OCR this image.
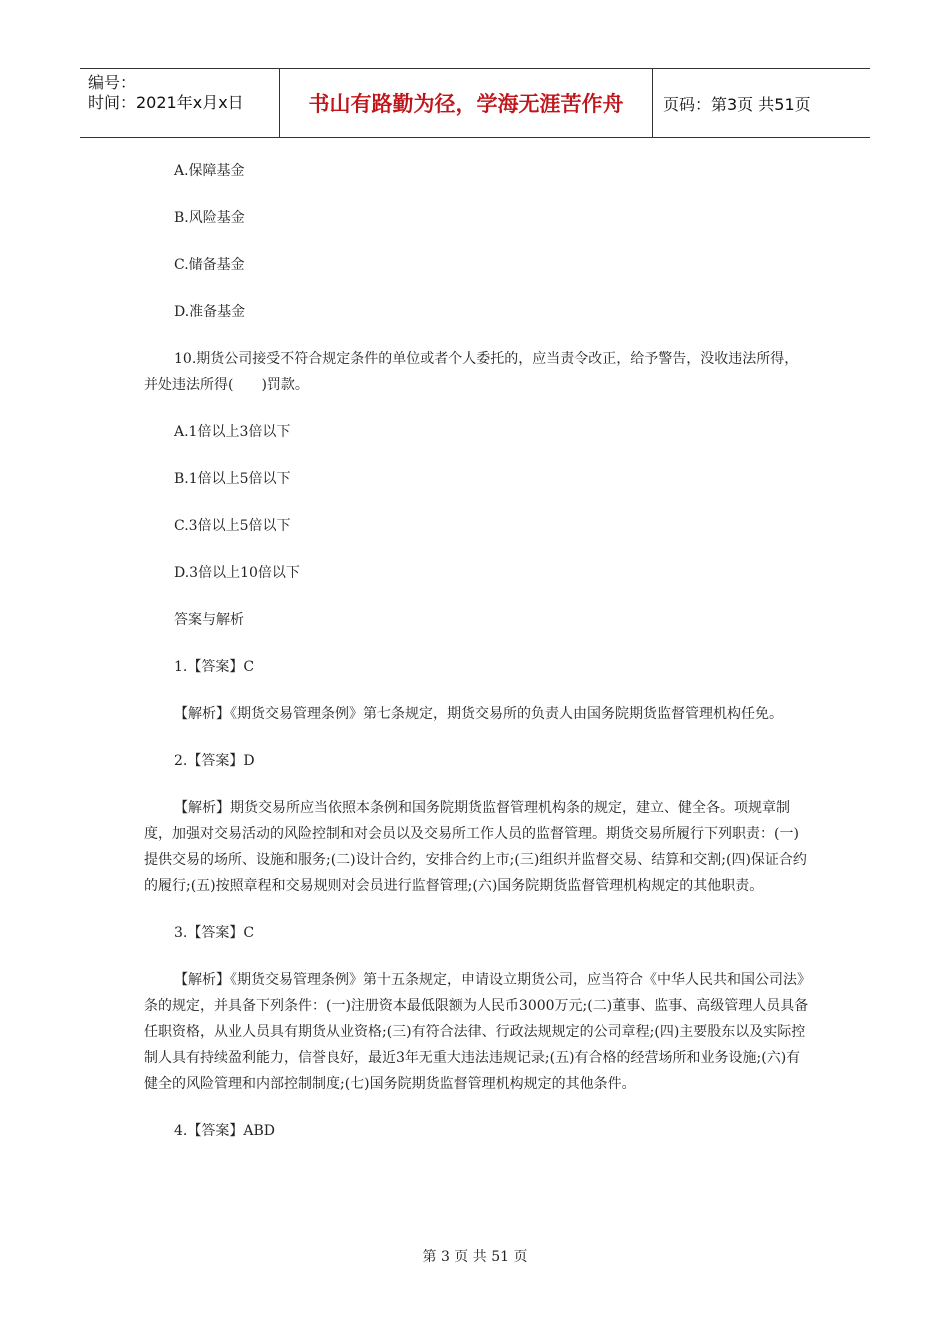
编号：
时间：2021年x月x日	书山有路勤为径，学海无涯苦作舟	页码：第3页 共51页

A.保障基金

B.风险基金

C.储备基金

D.准备基金

10.期货公司接受不符合规定条件的单位或者个人委托的，应当责令改正，给予警告，没收违法所得，并处违法所得(　　)罚款。

A.1倍以上3倍以下

B.1倍以上5倍以下

C.3倍以上5倍以下

D.3倍以上10倍以下

答案与解析

1.【答案】C

【解析】《期货交易管理条例》第七条规定，期货交易所的负责人由国务院期货监督管理机构任免。

2.【答案】D

【解析】期货交易所应当依照本条例和国务院期货监督管理机构条的规定，建立、健全各。项规章制度，加强对交易活动的风险控制和对会员以及交易所工作人员的监督管理。期货交易所履行下列职责：(一)提供交易的场所、设施和服务;(二)设计合约，安排合约上市;(三)组织并监督交易、结算和交割;(四)保证合约的履行;(五)按照章程和交易规则对会员进行监督管理;(六)国务院期货监督管理机构规定的其他职责。

3.【答案】C

【解析】《期货交易管理条例》第十五条规定，申请设立期货公司，应当符合《中华人民共和国公司法》条的规定，并具备下列条件：(一)注册资本最低限额为人民币3000万元;(二)董事、监事、高级管理人员具备任职资格，从业人员具有期货从业资格;(三)有符合法律、行政法规规定的公司章程;(四)主要股东以及实际控制人具有持续盈利能力，信誉良好，最近3年无重大违法违规记录;(五)有合格的经营场所和业务设施;(六)有健全的风险管理和内部控制制度;(七)国务院期货监督管理机构规定的其他条件。

4.【答案】ABD

第 3 页 共 51 页
